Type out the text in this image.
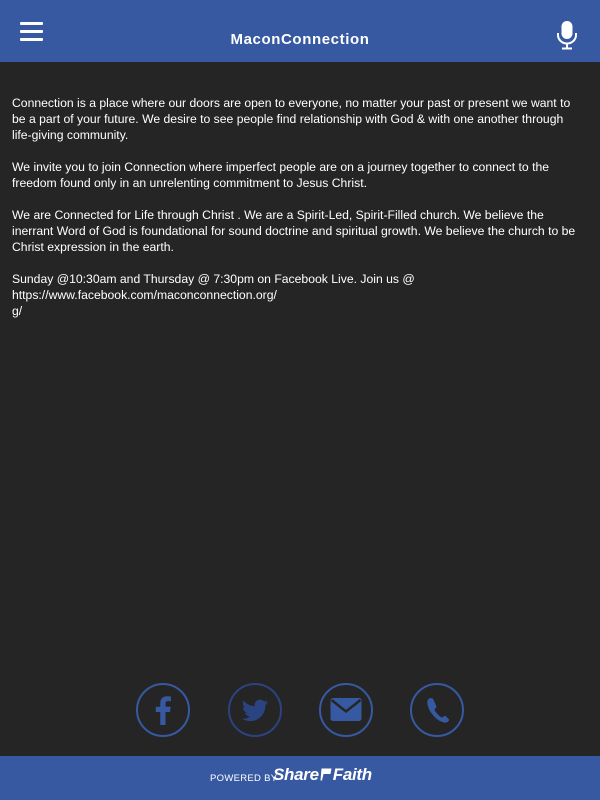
MaconConnection

Connection is a place where our doors are open to everyone, no matter your past or present we want to be a part of your future. We desire to see people find relationship with God & with one another through life-giving community.

We invite you to join Connection where imperfect people are on a journey together to connect to the freedom found only in an unrelenting commitment to Jesus Christ.

We are Connected for Life through Christ . We are a Spirit-Led, Spirit-Filled church. We believe the inerrant Word of God is foundational for sound doctrine and spiritual growth. We believe the church to be Christ expression in the earth.

Sunday @10:30am and Thursday @ 7:30pm on Facebook Live. Join us @
https://www.facebook.com/maconconnection.org/
g/

POWERED BY
Share Faith
